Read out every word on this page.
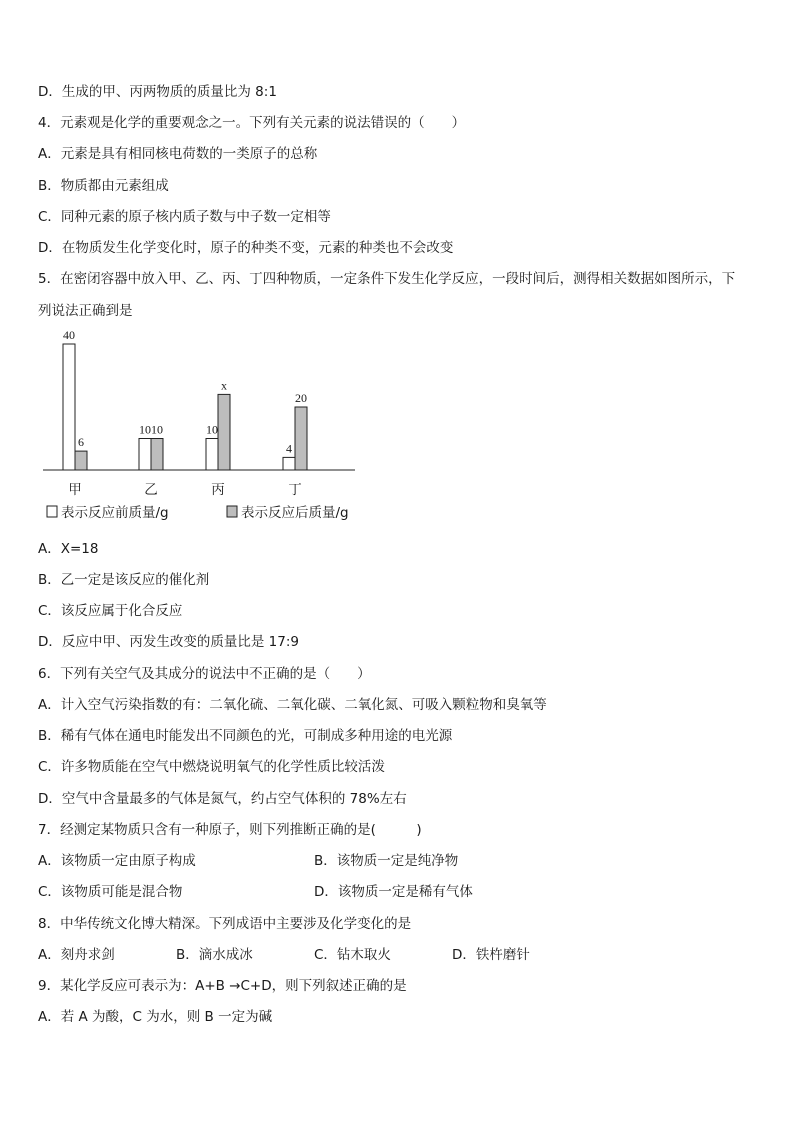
D．生成的甲、丙两物质的质量比为 8:1
4．元素观是化学的重要观念之一。下列有关元素的说法错误的（　　）
A．元素是具有相同核电荷数的一类原子的总称
B．物质都由元素组成
C．同种元素的原子核内质子数与中子数一定相等
D．在物质发生化学变化时，原子的种类不变，元素的种类也不会改变
5．在密闭容器中放入甲、乙、丙、丁四种物质，一定条件下发生化学反应，一段时间后，测得相关数据如图所示，下
列说法正确到是
40
6
10 10	10
x
4
20
甲	乙	丙	丁
表示反应前质量/g	表示反应后质量/g
A．X=18
B．乙一定是该反应的催化剂
C．该反应属于化合反应
D．反应中甲、丙发生改变的质量比是 17:9
6．下列有关空气及其成分的说法中不正确的是（　　）
A．计入空气污染指数的有：二氧化硫、二氧化碳、二氧化氮、可吸入颗粒物和臭氧等
B．稀有气体在通电时能发出不同颜色的光，可制成多种用途的电光源
C．许多物质能在空气中燃烧说明氧气的化学性质比较活泼
D．空气中含量最多的气体是氮气，约占空气体积的 78%左右
7．经测定某物质只含有一种原子，则下列推断正确的是(　　　)
A．该物质一定由原子构成	B．该物质一定是纯净物
C．该物质可能是混合物	D．该物质一定是稀有气体
8．中华传统文化博大精深。下列成语中主要涉及化学变化的是
A．刻舟求剑	B．滴水成冰	C．钻木取火	D．铁杵磨针
9．某化学反应可表示为：A+B →C+D，则下列叙述正确的是
A．若 A 为酸，C 为水，则 B 一定为碱
